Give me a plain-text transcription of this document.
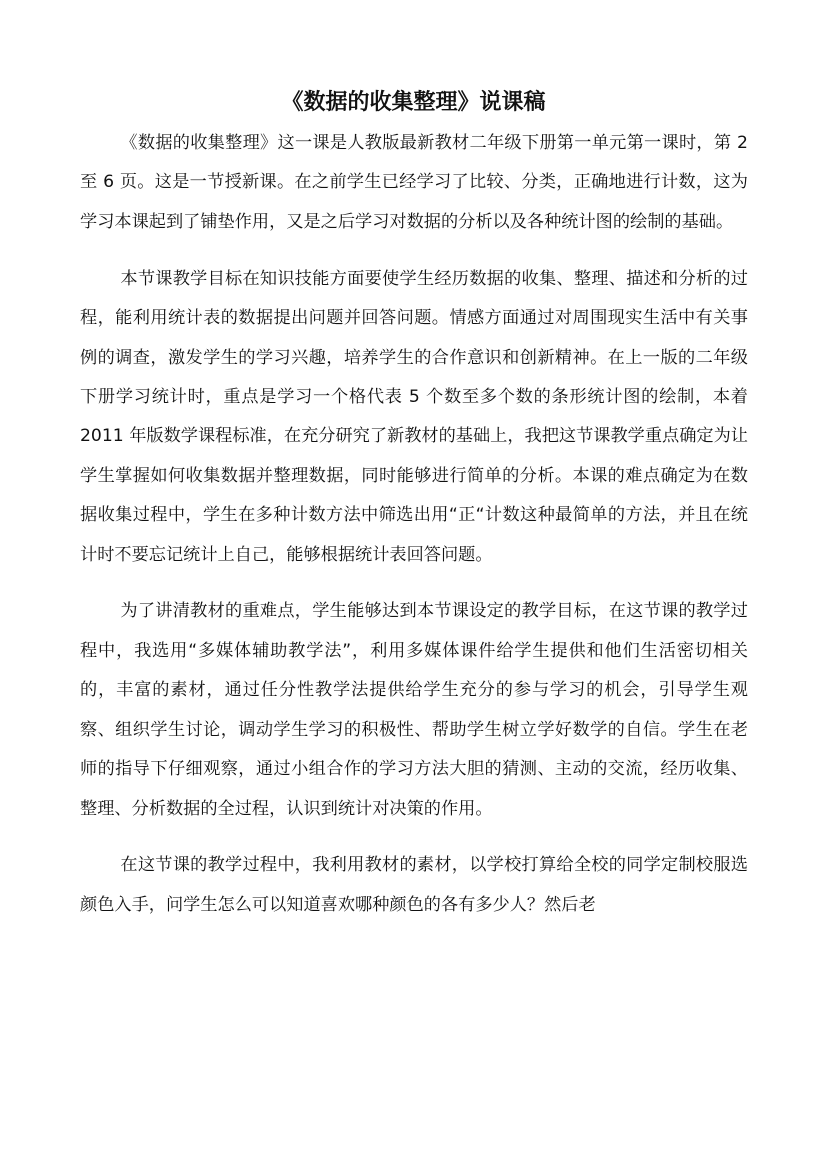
《数据的收集整理》说课稿

《数据的收集整理》这一课是人教版最新教材二年级下册第一单元第一课时，第 2 至 6 页。这是一节授新课。在之前学生已经学习了比较、分类，正确地进行计数，这为学习本课起到了铺垫作用，又是之后学习对数据的分析以及各种统计图的绘制的基础。

本节课教学目标在知识技能方面要使学生经历数据的收集、整理、描述和分析的过程，能利用统计表的数据提出问题并回答问题。情感方面通过对周围现实生活中有关事例的调查，激发学生的学习兴趣，培养学生的合作意识和创新精神。在上一版的二年级下册学习统计时，重点是学习一个格代表 5 个数至多个数的条形统计图的绘制，本着 2011 年版数学课程标准，在充分研究了新教材的基础上，我把这节课教学重点确定为让学生掌握如何收集数据并整理数据，同时能够进行简单的分析。本课的难点确定为在数据收集过程中，学生在多种计数方法中筛选出用“正“计数这种最简单的方法，并且在统计时不要忘记统计上自己，能够根据统计表回答问题。

为了讲清教材的重难点，学生能够达到本节课设定的教学目标，在这节课的教学过程中，我选用“多媒体辅助教学法”，利用多媒体课件给学生提供和他们生活密切相关的，丰富的素材，通过任分性教学法提供给学生充分的参与学习的机会，引导学生观察、组织学生讨论，调动学生学习的积极性、帮助学生树立学好数学的自信。学生在老师的指导下仔细观察，通过小组合作的学习方法大胆的猜测、主动的交流，经历收集、整理、分析数据的全过程，认识到统计对决策的作用。

在这节课的教学过程中，我利用教材的素材，以学校打算给全校的同学定制校服选颜色入手，问学生怎么可以知道喜欢哪种颜色的各有多少人？然后老
